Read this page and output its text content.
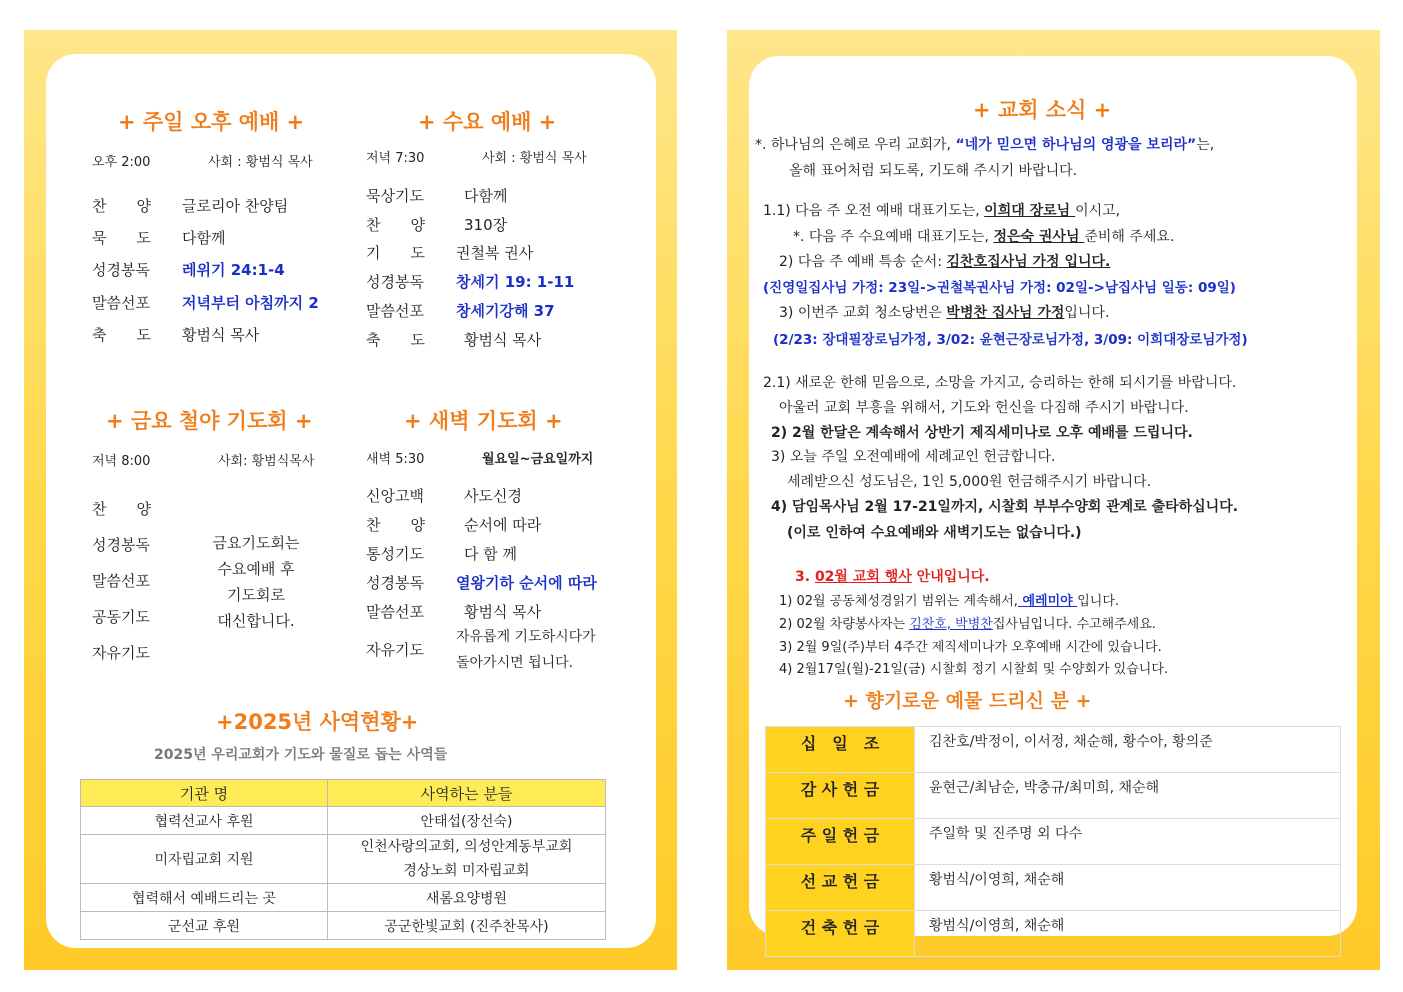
+ 주일 오후 예배 +
오후 2:00	사회 : 황범식 목사
찬　　양 글로리아 찬양팀
묵　　도 다함께
성경봉독 레위기 24:1-4
말씀선포 저녁부터 아침까지 2
축　　도 황범식 목사
+ 수요 예배 +
저녁 7:30	사회 : 황범식 목사
묵상기도	다함께
찬　　양	310장
기　　도 권철복 권사
성경봉독 창세기 19: 1-11
말씀선포 창세기강해 37
축　　도	황범식 목사
+ 금요 철야 기도회 +
저녁 8:00	사회: 황범식목사
찬　　양
성경봉독
말씀선포
공동기도
자유기도
금요기도회는
수요예배 후
기도회로
대신합니다.
+ 새벽 기도회 +
새벽 5:30	월요일~금요일까지
신앙고백	사도신경
찬　　양	순서에 따라
통성기도	다 함 께
성경봉독 열왕기하 순서에 따라
말씀선포	황범식 목사
자유기도
자유롭게 기도하시다가
돌아가시면 됩니다.
+2025년 사역현황+
2025년 우리교회가 기도와 물질로 돕는 사역들
기관 명	사역하는 분들
협력선교사 후원	안태섭(장선숙)
미자립교회 지원	인천사랑의교회, 의성안계동부교회
경상노회 미자립교회

협력해서 예배드리는 곳	새롬요양병원
군선교 후원	공군한빛교회 (진주찬목사)
+ 교회 소식 +
*. 하나님의 은혜로 우리 교회가, “네가 믿으면 하나님의 영광을 보리라”는,
올해 표어처럼 되도록, 기도해 주시기 바랍니다.
1.1) 다음 주 오전 예배 대표기도는, 이희대 장로님 이시고,
*. 다음 주 수요예배 대표기도는, 정은숙 권사님 준비해 주세요.
2) 다음 주 예배 특송 순서: 김찬호집사님 가정 입니다.
(진영일집사님 가정: 23일->권철복권사님 가정: 02일->남집사님 일동: 09일)
3) 이번주 교회 청소당번은 박병찬 집사님 가정입니다.
(2/23: 장대필장로님가정, 3/02: 윤현근장로님가정, 3/09: 이희대장로님가정)
2.1) 새로운 한해 믿음으로, 소망을 가지고, 승리하는 한해 되시기를 바랍니다.
아울러 교회 부흥을 위해서, 기도와 헌신을 다짐해 주시기 바랍니다.
2) 2월 한달은 계속해서 상반기 제직세미나로 오후 예배를 드립니다.
3) 오늘 주일 오전예배에 세례교인 헌금합니다.
세례받으신 성도님은, 1인 5,000원 헌금해주시기 바랍니다.
4) 담임목사님 2월 17-21일까지, 시찰회 부부수양회 관계로 출타하십니다.
(이로 인하여 수요예배와 새벽기도는 없습니다.)
3. 02월 교회 행사 안내입니다.
1) 02월 공동체성경읽기 범위는 계속해서, 예레미야 입니다.
2) 02월 차량봉사자는 김찬호, 박병찬집사님입니다. 수고해주세요.
3) 2월 9일(주)부터 4주간 제직세미나가 오후예배 시간에 있습니다.
4) 2월17일(월)-21일(금) 시찰회 정기 시찰회 및 수양회가 있습니다.
+ 향기로운 예물 드리신 분 +
십　일　조	김찬호/박정이, 이서정, 채순해, 황수아, 황의준
감 사 헌 금	윤현근/최남순, 박충규/최미희, 채순해
주 일 헌 금	주일학 및 진주명 외 다수
선 교 헌 금	황범식/이영희, 채순해
건 축 헌 금	황범식/이영희, 채순해
